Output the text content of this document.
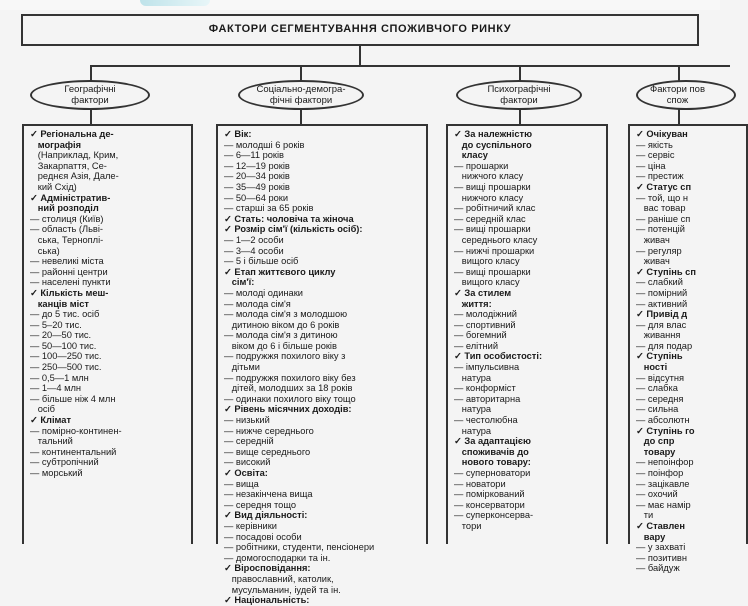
ФАКТОРИ СЕГМЕНТУВАННЯ СПОЖИВЧОГО РИНКУ
Географічні
фактори
Соціально-демогра-
фічні фактори
Психографічні
фактори
Фактори пов
спож
✓ Регіональна де-
мографія
(Наприклад, Крим,
Закарпаття, Се-
реднєя Азія, Дале-
кий Схід)
✓ Адміністратив-
ний розподіл
— столиця (Київ)
— область (Льві-
ська, Терноплі-
ська)
— невеликі міста
— районні центри
— населені пункти
✓ Кількість меш-
канців міст
— до 5 тис. осіб
— 5–20 тис.
— 20—50 тис.
— 50—100 тис.
— 100—250 тис.
— 250—500 тис.
— 0,5—1 млн
— 1—4 млн
— більше ніж 4 млн
осіб
✓ Клімат
— помірно-континен-
тальний
— континентальний
— субтропічний
— морський
✓ Вік:
— молодші 6 років
— 6—11 років
— 12—19 років
— 20—34 років
— 35—49 років
— 50—64 роки
— старші за 65 років
✓ Стать: чоловіча та жіноча
✓ Розмір сім'ї (кількість осіб):
— 1—2 особи
— 3—4 особи
— 5 і більше осіб
✓ Етап життєвого циклу
сім'ї:
— молоді одинаки
— молода сім'я
— молода сім'я з молодшою
дитиною віком до 6 років
— молода сім'я з дитиною
віком до 6 і більше років
— подружжя похилого віку з
дітьми
— подружжя похилого віку без
дітей, молодших за 18 років
— одинаки похилого віку тощо
✓ Рівень місячних доходів:
— низький
— нижче середнього
— середній
— вище середнього
— високий
✓ Освіта:
— вища
— незакінчена вища
— середня тощо
✓ Вид діяльності:
— керівники
— посадові особи
— робітники, студенти, пенсіонери
— домогосподарки та ін.
✓ Віросповідання:
православний, католик,
мусульманин, іудей та ін.
✓ Національність:
✓ За належністю
до суспільного
класу
— прошарки
нижчого класу
— вищі прошарки
нижчого класу
— робітничий клас
— середній клас
— вищі прошарки
середнього класу
— нижчі прошарки
вищого класу
— вищі прошарки
вищого класу
✓ За стилем
життя:
— молодіжний
— спортивний
— богемний
— елітний
✓ Тип особистості:
— імпульсивна
натура
— конформіст
— авторитарна
натура
— честолюбна
натура
✓ За адаптацією
споживачів до
нового товару:
— суперноватори
— новатори
— поміркований
— консерватори
— суперконсерва-
тори
✓ Очікуван
— якість
— сервіс
— ціна
— престиж
✓ Статус сп
— той, що н
вас товар
— раніше сп
— потенцій
живач
— регуляр
живач
✓ Ступінь сп
— слабкий
— помірний
— активний
✓ Привід д
— для влас
живання
— для подар
✓ Ступінь
ності
— відсутня
— слабка
— середня
— сильна
— абсолютн
✓ Ступінь го
до спр
товару
— непоінфор
— поінфор
— зацікавле
— охочий
— має намір
ти
✓ Ставлен
вару
— у захваті
— позитивн
— байдуж
